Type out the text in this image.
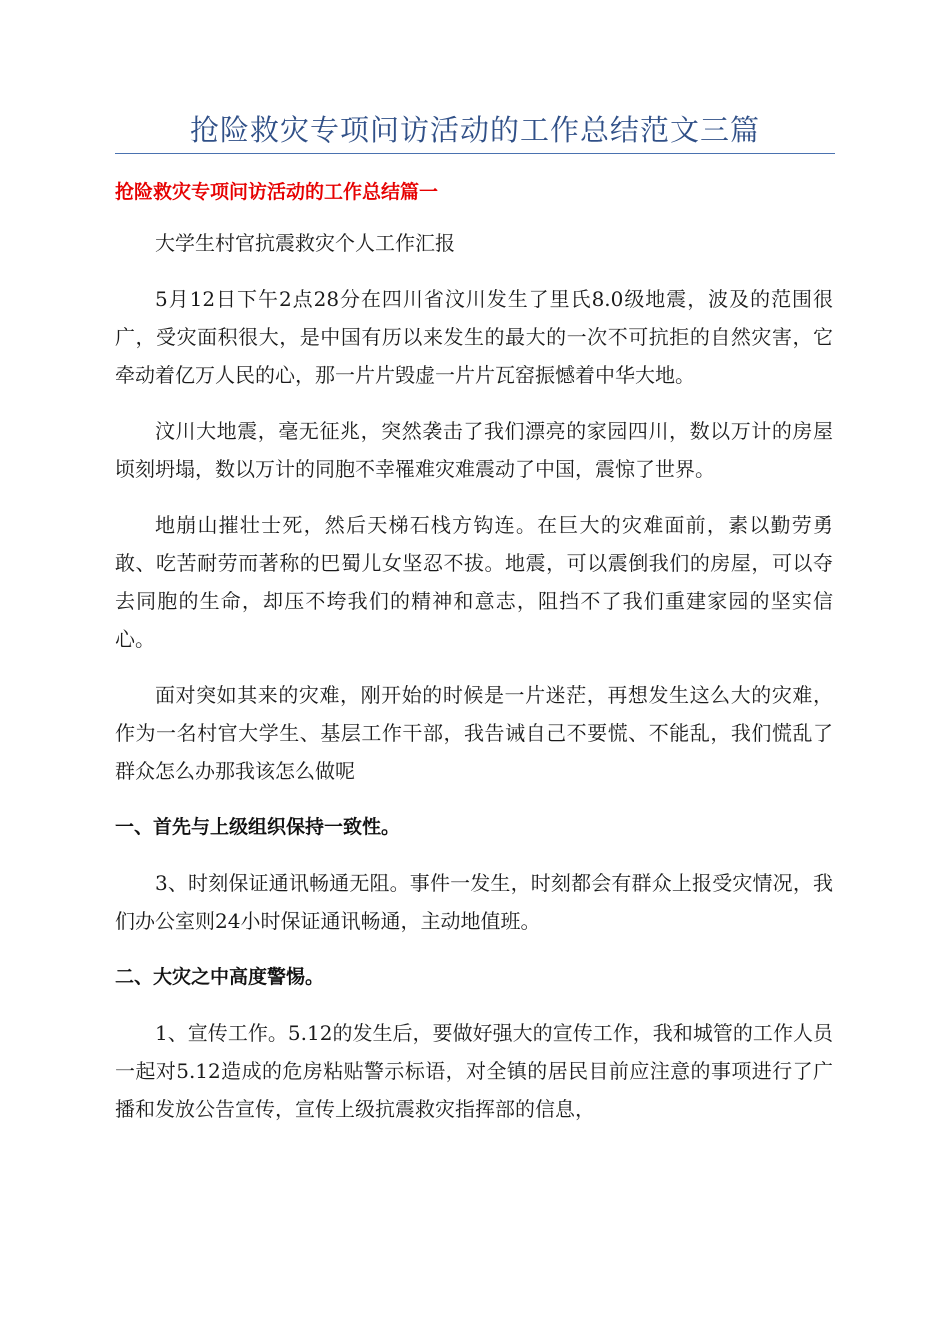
抢险救灾专项问访活动的工作总结范文三篇
抢险救灾专项问访活动的工作总结篇一

大学生村官抗震救灾个人工作汇报

5月12日下午2点28分在四川省汶川发生了里氏8.0级地震，波及的范围很广，受灾面积很大，是中国有历以来发生的最大的一次不可抗拒的自然灾害，它牵动着亿万人民的心，那一片片毁虚一片片瓦窑振憾着中华大地。

汶川大地震，毫无征兆，突然袭击了我们漂亮的家园四川，数以万计的房屋顷刻坍塌，数以万计的同胞不幸罹难灾难震动了中国，震惊了世界。

地崩山摧壮士死，然后天梯石栈方钩连。在巨大的灾难面前，素以勤劳勇敢、吃苦耐劳而著称的巴蜀儿女坚忍不拔。地震，可以震倒我们的房屋，可以夺去同胞的生命，却压不垮我们的精神和意志，阻挡不了我们重建家园的坚实信心。

面对突如其来的灾难，刚开始的时候是一片迷茫，再想发生这么大的灾难，作为一名村官大学生、基层工作干部，我告诫自己不要慌、不能乱，我们慌乱了群众怎么办那我该怎么做呢

一、首先与上级组织保持一致性。

3、时刻保证通讯畅通无阻。事件一发生，时刻都会有群众上报受灾情况，我们办公室则24小时保证通讯畅通，主动地值班。

二、大灾之中高度警惕。

1、宣传工作。5.12的发生后，要做好强大的宣传工作，我和城管的工作人员一起对5.12造成的危房粘贴警示标语，对全镇的居民目前应注意的事项进行了广播和发放公告宣传，宣传上级抗震救灾指挥部的信息，
